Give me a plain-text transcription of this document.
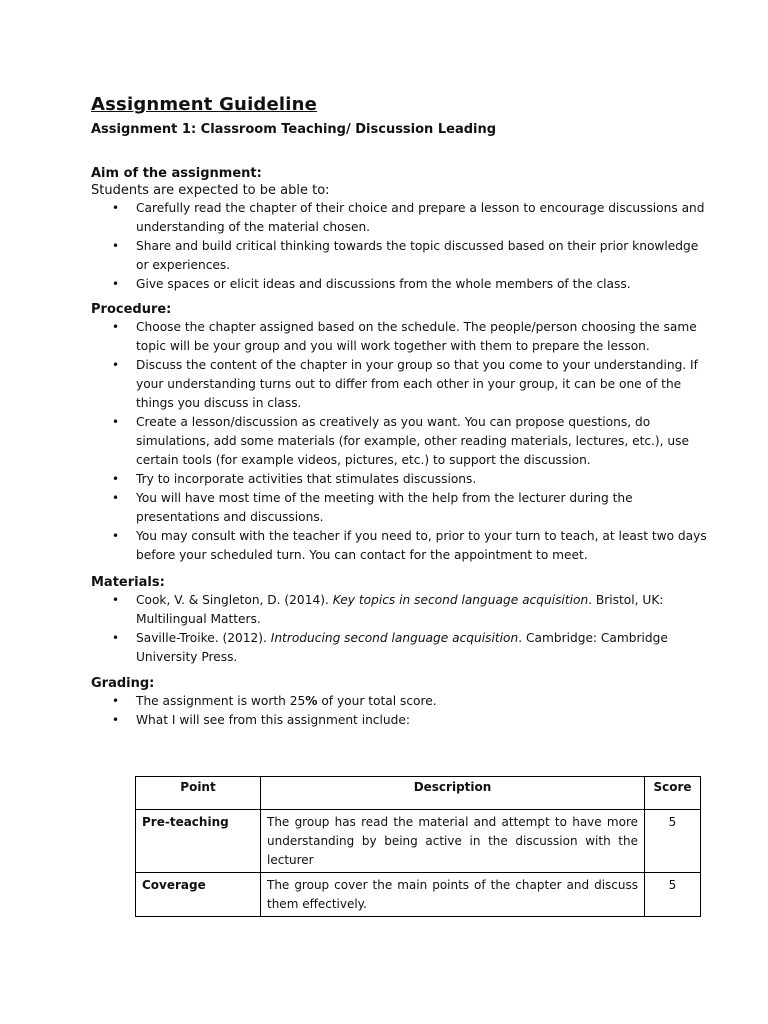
Assignment Guideline

Assignment 1: Classroom Teaching/ Discussion Leading

Aim of the assignment:

Students are expected to be able to:

• Carefully read the chapter of their choice and prepare a lesson to encourage discussions and understanding of the material chosen.
• Share and build critical thinking towards the topic discussed based on their prior knowledge or experiences.
• Give spaces or elicit ideas and discussions from the whole members of the class.

Procedure:

• Choose the chapter assigned based on the schedule. The people/person choosing the same topic will be your group and you will work together with them to prepare the lesson.
• Discuss the content of the chapter in your group so that you come to your understanding. If your understanding turns out to differ from each other in your group, it can be one of the things you discuss in class.
• Create a lesson/discussion as creatively as you want. You can propose questions, do simulations, add some materials (for example, other reading materials, lectures, etc.), use certain tools (for example videos, pictures, etc.) to support the discussion.
• Try to incorporate activities that stimulates discussions.
• You will have most time of the meeting with the help from the lecturer during the presentations and discussions.
• You may consult with the teacher if you need to, prior to your turn to teach, at least two days before your scheduled turn. You can contact for the appointment to meet.

Materials:

• Cook, V. & Singleton, D. (2014). Key topics in second language acquisition. Bristol, UK: Multilingual Matters.
• Saville-Troike. (2012). Introducing second language acquisition. Cambridge: Cambridge University Press.

Grading:

• The assignment is worth 25% of your total score.
• What I will see from this assignment include:
Point	Description	Score
Pre-teaching	The group has read the material and attempt to have more understanding by being active in the discussion with the lecturer	5
Coverage	The group cover the main points of the chapter and discuss them effectively.	5
